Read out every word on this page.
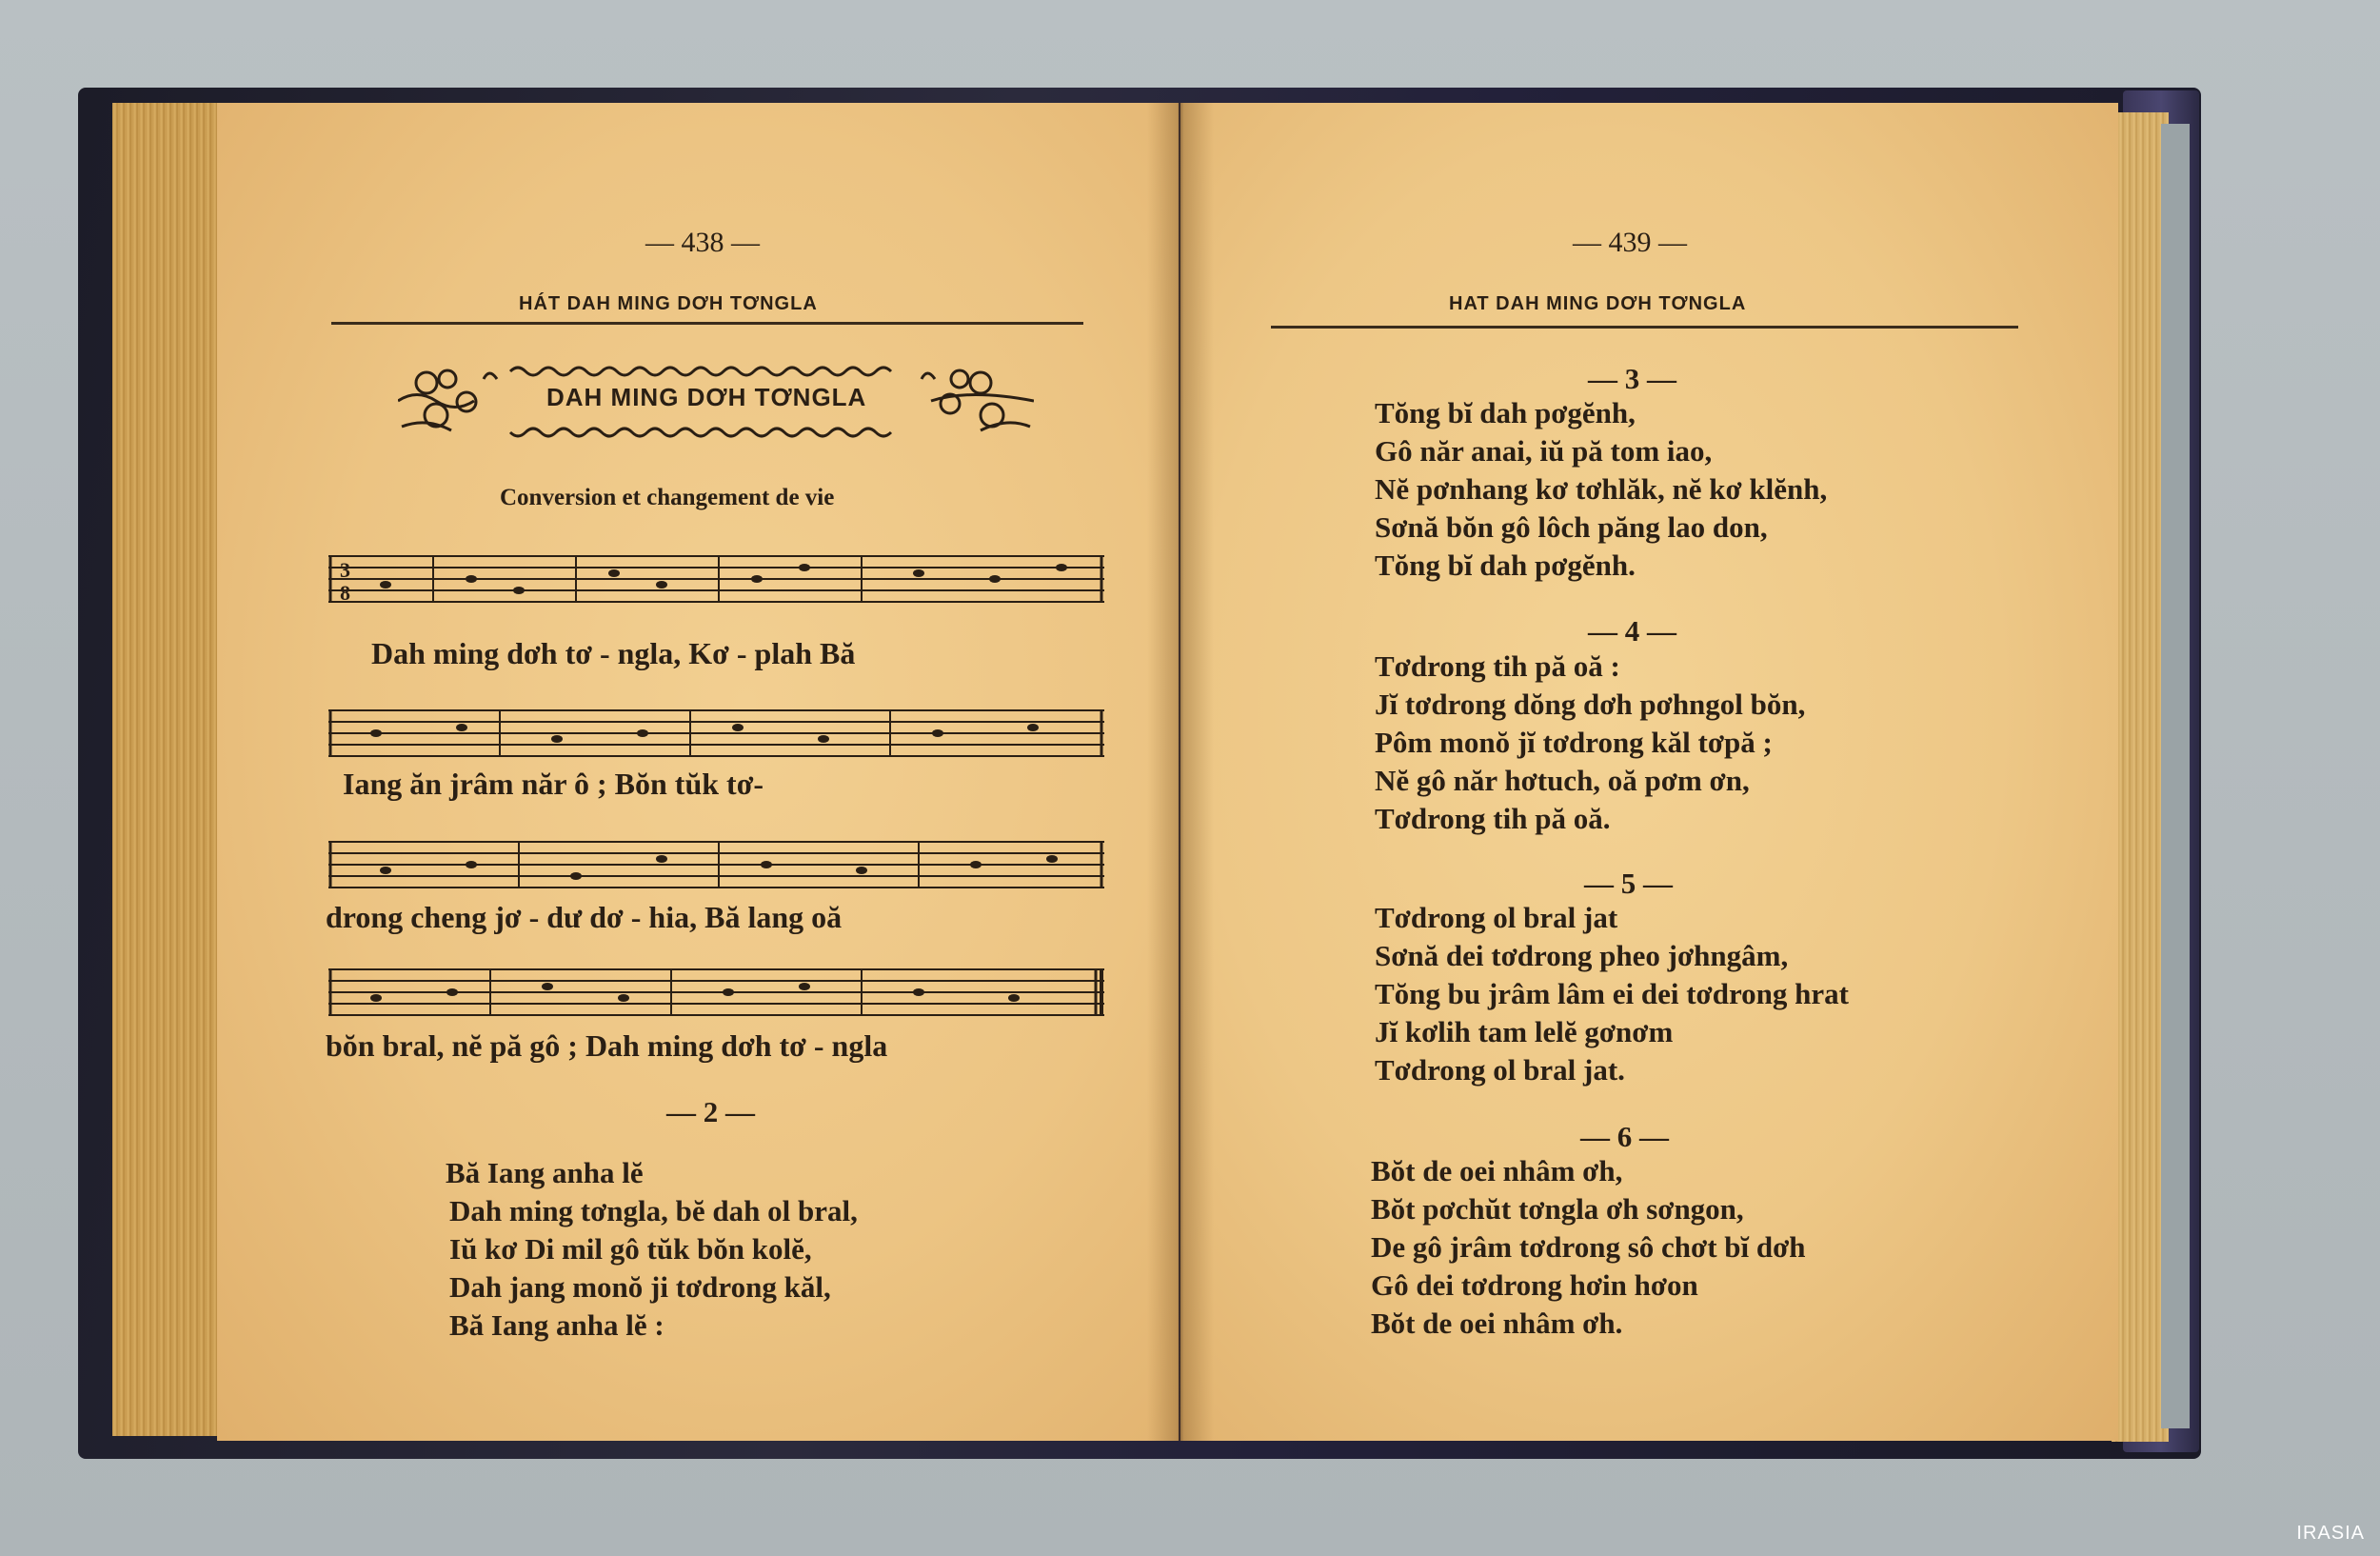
— 438 —
HÁT DAH MING DƠH TƠNGLA
DAH MING DƠH TƠNGLA
Conversion et changement de vie
3
8
Dah ming dơh tơ - ngla, Kơ - plah Bă
Iang ăn jrâm năr ô ; Bŏn tŭk tơ-
drong cheng jơ - dư dơ - hia, Bă lang oă
bŏn bral, nĕ pă gô ; Dah ming dơh tơ - ngla
— 2 —
Bă Iang anha lĕ
Dah ming tơngla, bĕ dah ol bral,
Iŭ kơ Di mil gô tŭk bŏn kolĕ,
Dah jang monŏ ji tơdrong kăl,
Bă Iang anha lĕ :
— 439 —
HAT DAH MING DƠH TƠNGLA
— 3 —
Tŏng bĭ dah pơgĕnh,
Gô năr anai, iŭ pă tom iao,
Nĕ pơnhang kơ tơhlăk, nĕ kơ klĕnh,
Sơnă bŏn gô lôch păng lao don,
Tŏng bĭ dah pơgĕnh.
— 4 —
Tơdrong tih pă oă :
Jĭ tơdrong dŏng dơh pơhngol bŏn,
Pôm monŏ jĭ tơdrong kăl tơpă ;
Nĕ gô năr hơtuch, oă pơm ơn,
Tơdrong tih pă oă.
— 5 —
Tơdrong ol bral jat
Sơnă dei tơdrong pheo jơhngâm,
Tŏng bu jrâm lâm ei dei tơdrong hrat
Jĭ kơlih tam lelĕ gơnơm
Tơdrong ol bral jat.
— 6 —
Bŏt de oei nhâm ơh,
Bŏt pơchŭt tơngla ơh sơngon,
De gô jrâm tơdrong sô chơt bĭ dơh
Gô dei tơdrong hơin hơon
Bŏt de oei nhâm ơh.
IRASIA
